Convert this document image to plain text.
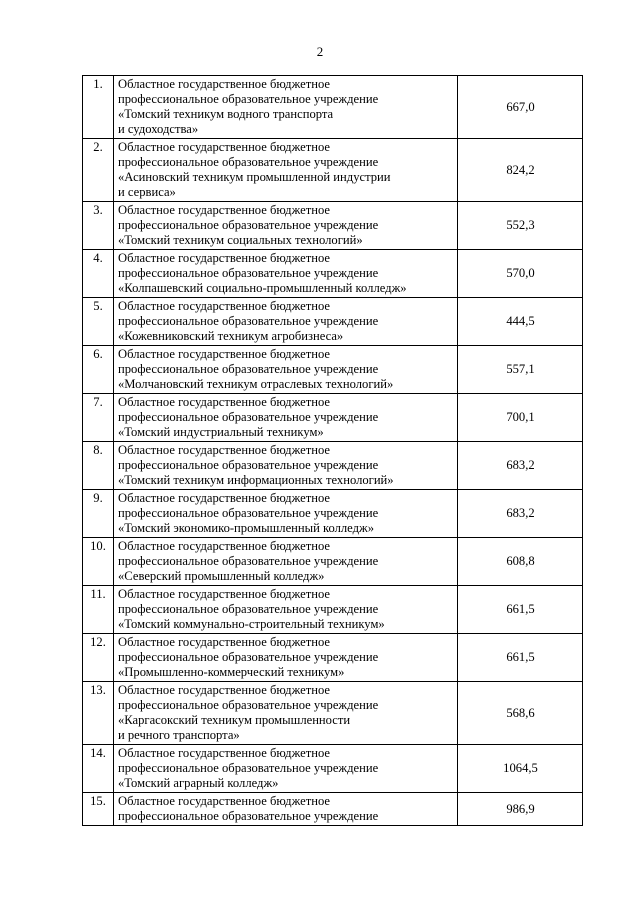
2
1.	Областное государственное бюджетное
профессиональное образовательное учреждение
«Томский техникум водного транспорта
и судоходства»	667,0
2.	Областное государственное бюджетное
профессиональное образовательное учреждение
«Асиновский техникум промышленной индустрии
и сервиса»	824,2
3.	Областное государственное бюджетное
профессиональное образовательное учреждение
«Томский техникум социальных технологий»	552,3
4.	Областное государственное бюджетное
профессиональное образовательное учреждение
«Колпашевский социально-промышленный колледж»	570,0
5.	Областное государственное бюджетное
профессиональное образовательное учреждение
«Кожевниковский техникум агробизнеса»	444,5
6.	Областное государственное бюджетное
профессиональное образовательное учреждение
«Молчановский техникум отраслевых технологий»	557,1
7.	Областное государственное бюджетное
профессиональное образовательное учреждение
«Томский индустриальный техникум»	700,1
8.	Областное государственное бюджетное
профессиональное образовательное учреждение
«Томский техникум информационных технологий»	683,2
9.	Областное государственное бюджетное
профессиональное образовательное учреждение
«Томский экономико-промышленный колледж»	683,2
10.	Областное государственное бюджетное
профессиональное образовательное учреждение
«Северский промышленный колледж»	608,8
11.	Областное государственное бюджетное
профессиональное образовательное учреждение
«Томский коммунально-строительный техникум»	661,5
12.	Областное государственное бюджетное
профессиональное образовательное учреждение
«Промышленно-коммерческий техникум»	661,5
13.	Областное государственное бюджетное
профессиональное образовательное учреждение
«Каргасокский техникум промышленности
и речного транспорта»	568,6
14.	Областное государственное бюджетное
профессиональное образовательное учреждение
«Томский аграрный колледж»	1064,5
15.	Областное государственное бюджетное
профессиональное образовательное учреждение	986,9
